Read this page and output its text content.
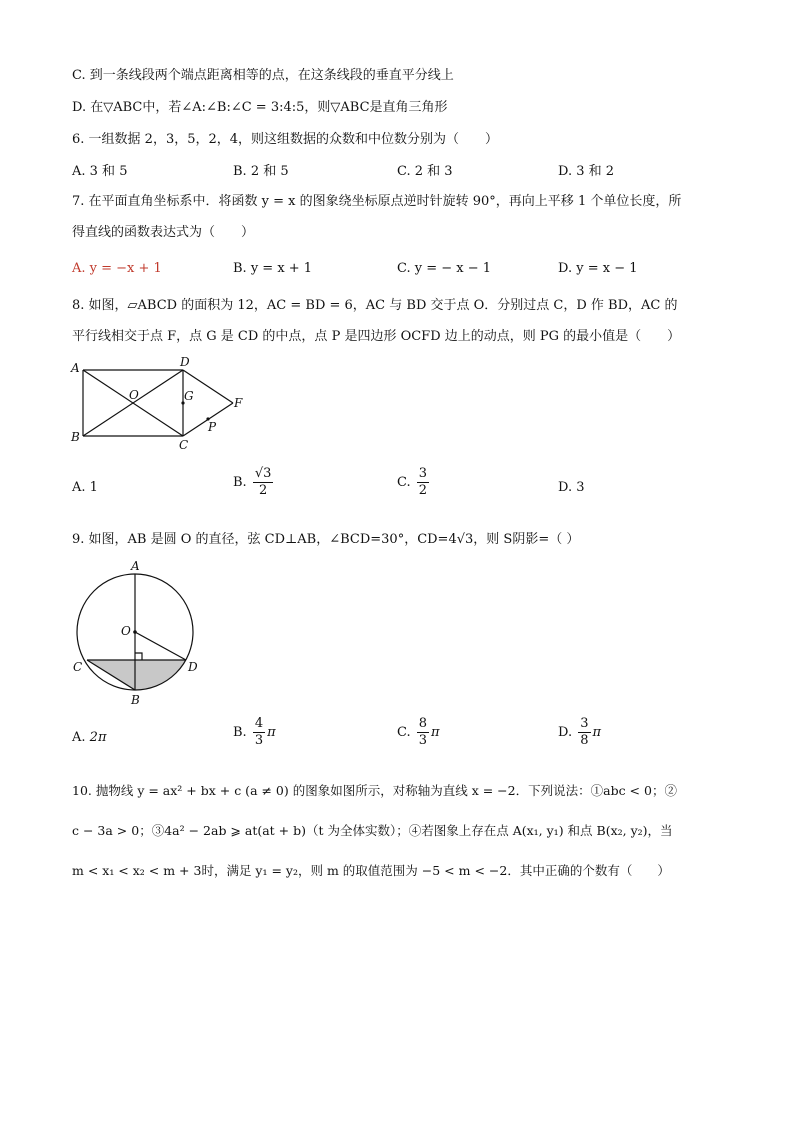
C. 到一条线段两个端点距离相等的点，在这条线段的垂直平分线上
D. 在▽ABC中，若∠A:∠B:∠C = 3:4:5，则▽ABC是直角三角形
6. 一组数据 2，3，5，2，4，则这组数据的众数和中位数分别为（　　）
A. 3 和 5	B. 2 和 5	C. 2 和 3	D. 3 和 2
7. 在平面直角坐标系中．将函数 y = x 的图象绕坐标原点逆时针旋转 90°，再向上平移 1 个单位长度，所
得直线的函数表达式为（　　）
A. y = −x + 1	B. y = x + 1	C. y = − x − 1	D. y = x − 1
8. 如图，▱ABCD 的面积为 12，AC = BD = 6，AC 与 BD 交于点 O．分别过点 C，D 作 BD，AC 的
平行线相交于点 F，点 G 是 CD 的中点，点 P 是四边形 OCFD 边上的动点，则 PG 的最小值是（　　）
A	D
O	G	F
B
C
P
A. 1	B. $\frac{√3}{2}$	C. $\frac{3}{2}$	D. 3
9. 如图，AB 是圆 O 的直径，弦 CD⊥AB，∠BCD=30°，CD=4√3，则 S阴影=（ ）
A
O
C	D
B
A. 2π	B. $\frac{4}{3}$ π	C. $\frac{8}{3}$ π	D. $\frac{3}{8}$ π
10. 抛物线 y = ax² + bx + c (a ≠ 0) 的图象如图所示，对称轴为直线 x = −2．下列说法：①abc < 0；②
c − 3a > 0；③4a² − 2ab ⩾ at(at + b)（t 为全体实数）；④若图象上存在点 A(x₁, y₁) 和点 B(x₂, y₂)，当
m < x₁ < x₂ < m + 3时，满足 y₁ = y₂，则 m 的取值范围为 −5 < m < −2．其中正确的个数有（　　）
